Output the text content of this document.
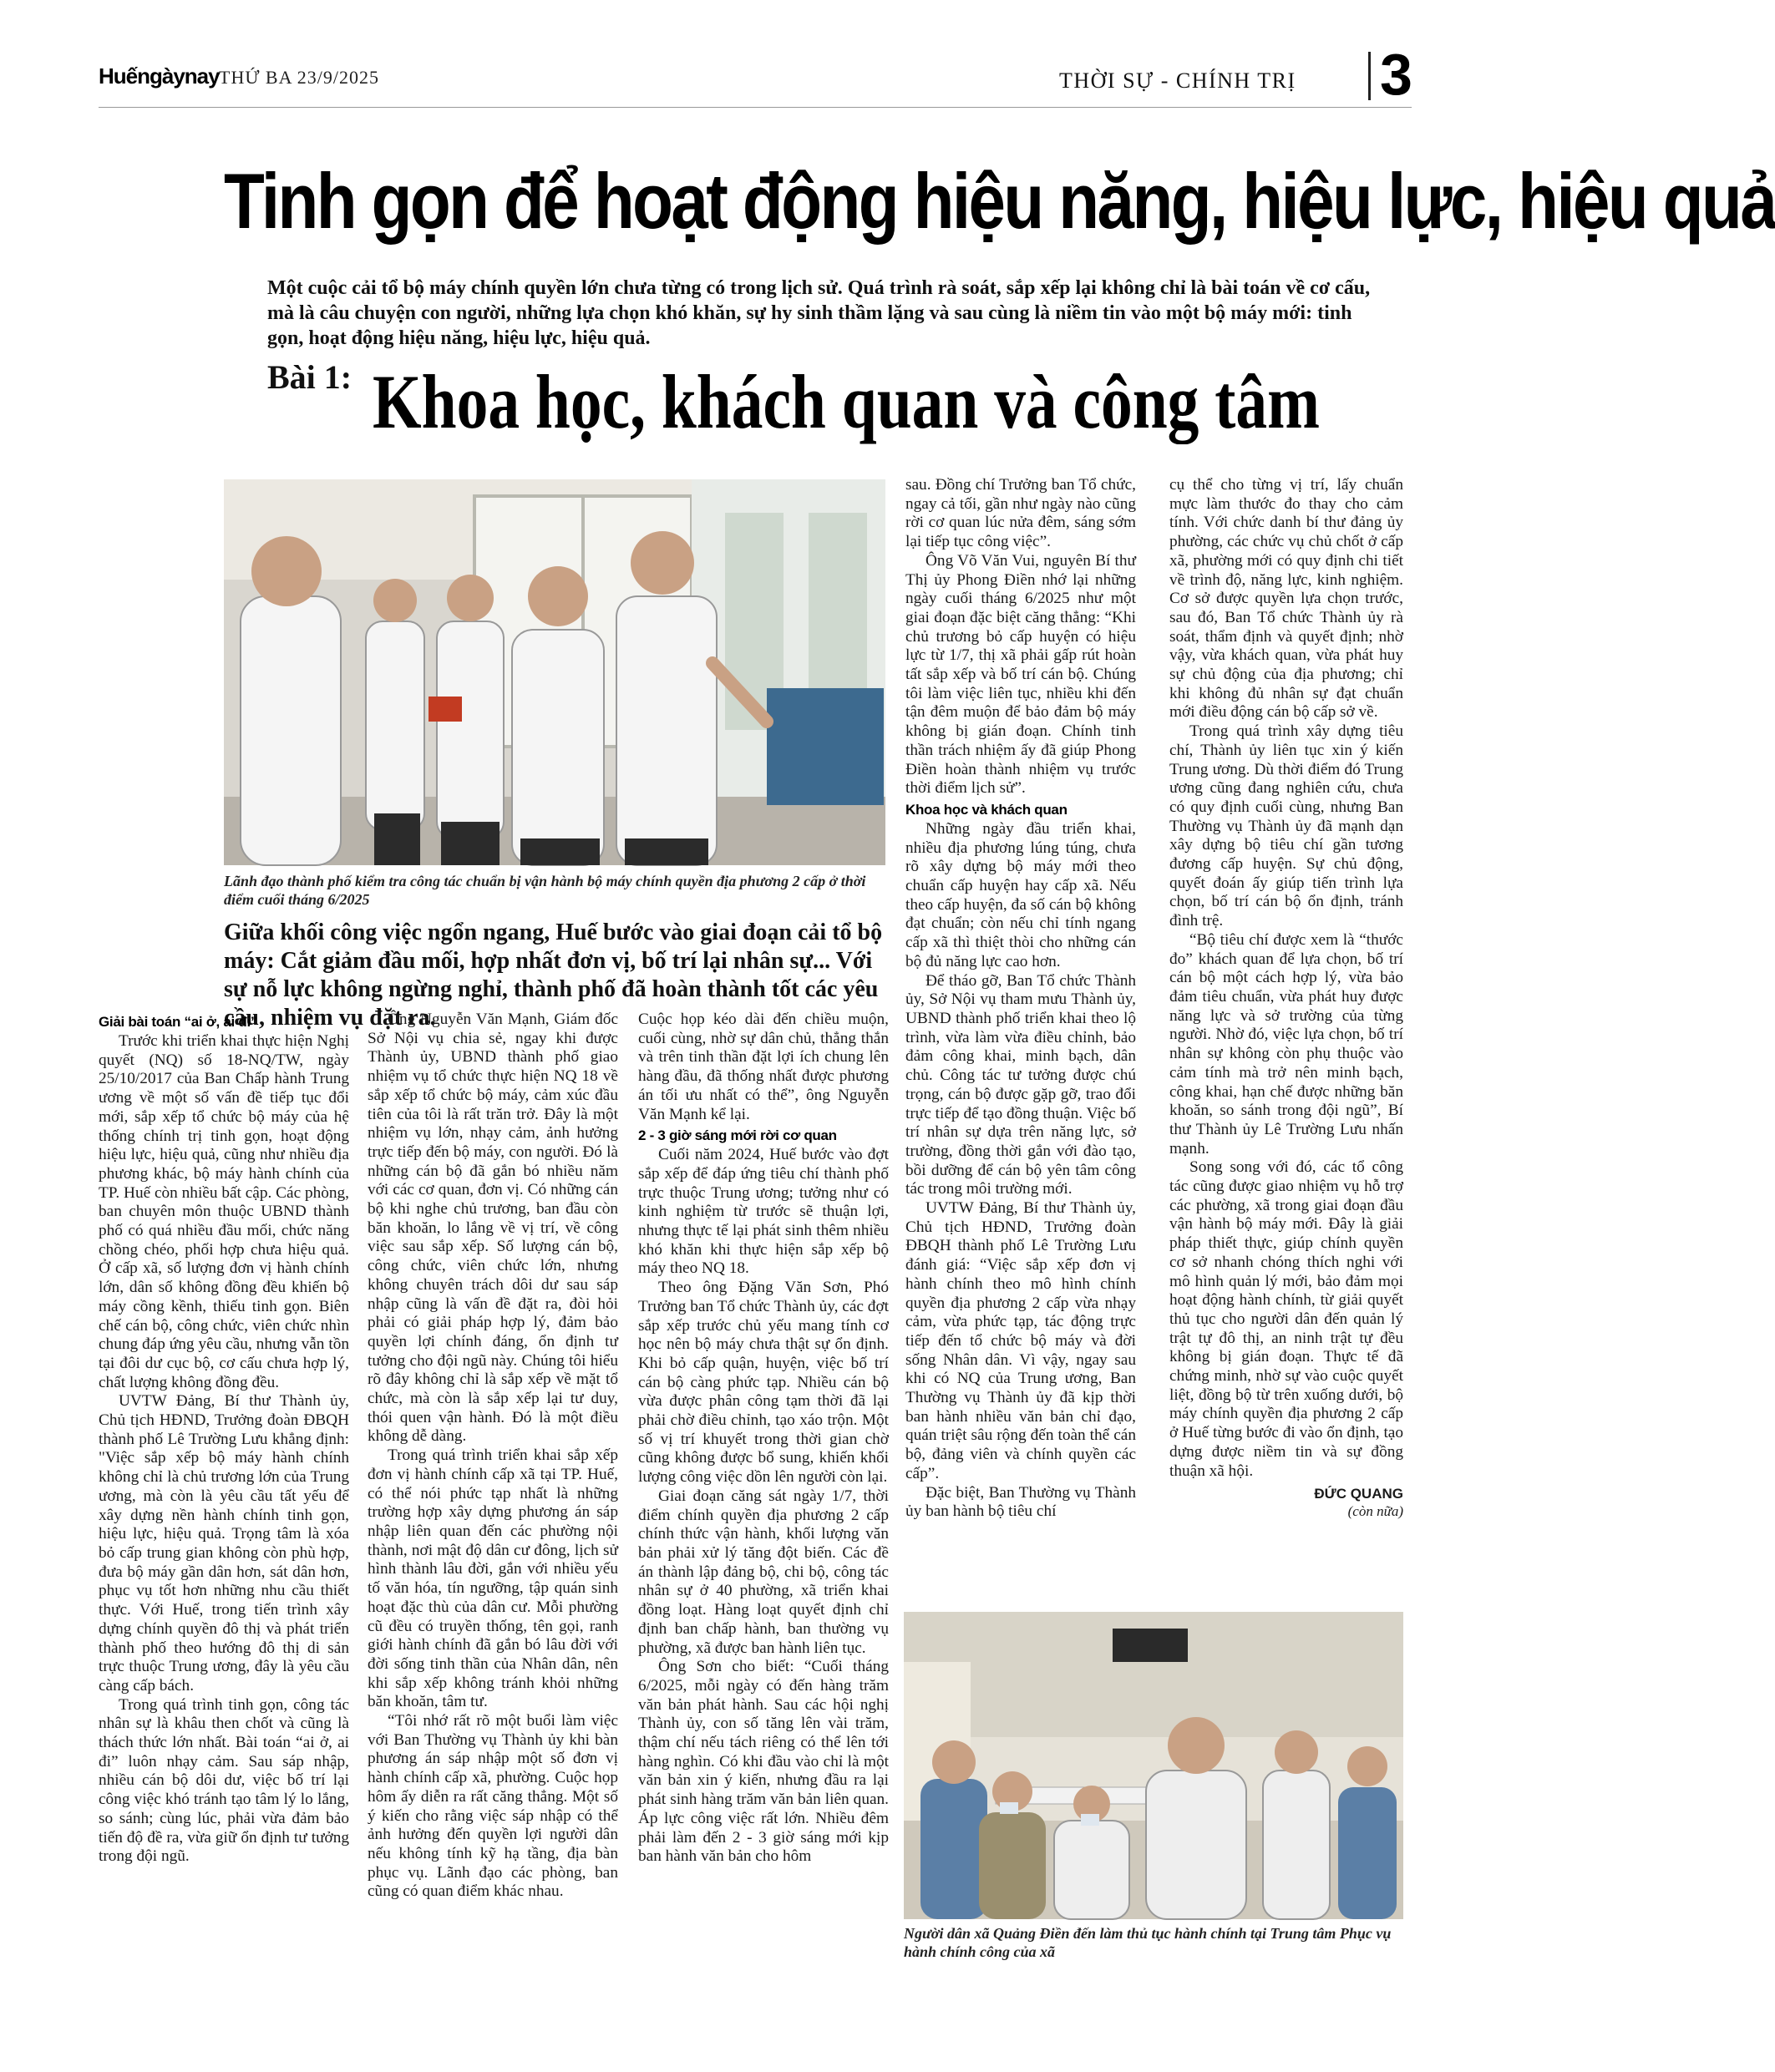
Huếngàynay THỨ BA 23/9/2025	THỜI SỰ - CHÍNH TRỊ 3
Tinh gọn để hoạt động hiệu năng, hiệu lực, hiệu quả
Một cuộc cải tổ bộ máy chính quyền lớn chưa từng có trong lịch sử. Quá trình rà soát, sắp xếp lại không chỉ là bài toán về cơ cấu, mà là câu chuyện con người, những lựa chọn khó khăn, sự hy sinh thầm lặng và sau cùng là niềm tin vào một bộ máy mới: tinh gọn, hoạt động hiệu năng, hiệu lực, hiệu quả.
Bài 1: Khoa học, khách quan và công tâm
Lãnh đạo thành phố kiểm tra công tác chuẩn bị vận hành bộ máy chính quyền địa phương 2 cấp ở thời điểm cuối tháng 6/2025
Giữa khối công việc ngổn ngang, Huế bước vào giai đoạn cải tổ bộ máy: Cắt giảm đầu mối, hợp nhất đơn vị, bố trí lại nhân sự... Với sự nỗ lực không ngừng nghỉ, thành phố đã hoàn thành tốt các yêu cầu, nhiệm vụ đặt ra.

Giải bài toán “ai ở, ai đi”

Trước khi triển khai thực hiện Nghị quyết (NQ) số 18-NQ/TW, ngày 25/10/2017 của Ban Chấp hành Trung ương về một số vấn đề tiếp tục đổi mới, sắp xếp tổ chức bộ máy của hệ thống chính trị tinh gọn, hoạt động hiệu lực, hiệu quả, cũng như nhiều địa phương khác, bộ máy hành chính của TP. Huế còn nhiều bất cập. Các phòng, ban chuyên môn thuộc UBND thành phố có quá nhiều đầu mối, chức năng chồng chéo, phối hợp chưa hiệu quả. Ở cấp xã, số lượng đơn vị hành chính lớn, dân số không đồng đều khiến bộ máy cồng kềnh, thiếu tinh gọn. Biên chế cán bộ, công chức, viên chức nhìn chung đáp ứng yêu cầu, nhưng vẫn tồn tại đôi dư cục bộ, cơ cấu chưa hợp lý, chất lượng không đồng đều.

UVTW Đảng, Bí thư Thành ủy, Chủ tịch HĐND, Trưởng đoàn ĐBQH thành phố Lê Trường Lưu khẳng định: "Việc sắp xếp bộ máy hành chính không chỉ là chủ trương lớn của Trung ương, mà còn là yêu cầu tất yếu để xây dựng nền hành chính tinh gọn, hiệu lực, hiệu quả. Trọng tâm là xóa bỏ cấp trung gian không còn phù hợp, đưa bộ máy gần dân hơn, sát dân hơn, phục vụ tốt hơn những nhu cầu thiết thực. Với Huế, trong tiến trình xây dựng chính quyền đô thị và phát triển thành phố theo hướng đô thị di sản trực thuộc Trung ương, đây là yêu cầu càng cấp bách.

Trong quá trình tinh gọn, công tác nhân sự là khâu then chốt và cũng là thách thức lớn nhất. Bài toán “ai ở, ai đi” luôn nhạy cảm. Sau sáp nhập, nhiều cán bộ dôi dư, việc bố trí lại công việc khó tránh tạo tâm lý lo lắng, so sánh; cùng lúc, phải vừa đảm bảo tiến độ đề ra, vừa giữ ổn định tư tưởng trong đội ngũ.

Ông Nguyễn Văn Mạnh, Giám đốc Sở Nội vụ chia sẻ, ngay khi được Thành ủy, UBND thành phố giao nhiệm vụ tổ chức thực hiện NQ 18 về sắp xếp tổ chức bộ máy, cảm xúc đầu tiên của tôi là rất trăn trở. Đây là một nhiệm vụ lớn, nhạy cảm, ảnh hưởng trực tiếp đến bộ máy, con người. Đó là những cán bộ đã gắn bó nhiều năm với các cơ quan, đơn vị. Có những cán bộ khi nghe chủ trương, ban đầu còn băn khoăn, lo lắng về vị trí, về công việc sau sắp xếp. Số lượng cán bộ, công chức, viên chức lớn, nhưng không chuyên trách dôi dư sau sáp nhập cũng là vấn đề đặt ra, đòi hỏi phải có giải pháp hợp lý, đảm bảo quyền lợi chính đáng, ổn định tư tưởng cho đội ngũ này. Chúng tôi hiểu rõ đây không chỉ là sắp xếp về mặt tổ chức, mà còn là sắp xếp lại tư duy, thói quen vận hành. Đó là một điều không dễ dàng.

Trong quá trình triển khai sắp xếp đơn vị hành chính cấp xã tại TP. Huế, có thể nói phức tạp nhất là những trường hợp xây dựng phương án sáp nhập liên quan đến các phường nội thành, nơi mật độ dân cư đông, lịch sử hình thành lâu đời, gắn với nhiều yếu tố văn hóa, tín ngưỡng, tập quán sinh hoạt đặc thù của dân cư. Mỗi phường cũ đều có truyền thống, tên gọi, ranh giới hành chính đã gắn bó lâu đời với đời sống tinh thần của Nhân dân, nên khi sắp xếp không tránh khỏi những băn khoăn, tâm tư.

“Tôi nhớ rất rõ một buổi làm việc với Ban Thường vụ Thành ủy khi bàn phương án sáp nhập một số đơn vị hành chính cấp xã, phường. Cuộc họp hôm ấy diễn ra rất căng thẳng. Một số ý kiến cho rằng việc sáp nhập có thể ảnh hưởng đến quyền lợi người dân nếu không tính kỹ hạ tầng, địa bàn phục vụ. Lãnh đạo các phòng, ban cũng có quan điểm khác nhau.

Cuộc họp kéo dài đến chiều muộn, cuối cùng, nhờ sự dân chủ, thẳng thắn và trên tinh thần đặt lợi ích chung lên hàng đầu, đã thống nhất được phương án tối ưu nhất có thể”, ông Nguyễn Văn Mạnh kể lại.

2 - 3 giờ sáng mới rời cơ quan

Cuối năm 2024, Huế bước vào đợt sắp xếp để đáp ứng tiêu chí thành phố trực thuộc Trung ương; tưởng như có kinh nghiệm từ trước sẽ thuận lợi, nhưng thực tế lại phát sinh thêm nhiều khó khăn khi thực hiện sắp xếp bộ máy theo NQ 18.

Theo ông Đặng Văn Sơn, Phó Trưởng ban Tổ chức Thành ủy, các đợt sắp xếp trước chủ yếu mang tính cơ học nên bộ máy chưa thật sự ổn định. Khi bỏ cấp quận, huyện, việc bố trí cán bộ càng phức tạp. Nhiều cán bộ vừa được phân công tạm thời đã lại phải chờ điều chỉnh, tạo xáo trộn. Một số vị trí khuyết trong thời gian chờ cũng không được bổ sung, khiến khối lượng công việc dồn lên người còn lại.

Giai đoạn căng sát ngày 1/7, thời điểm chính quyền địa phương 2 cấp chính thức vận hành, khối lượng văn bản phải xử lý tăng đột biến. Các đề án thành lập đảng bộ, chi bộ, công tác nhân sự ở 40 phường, xã triển khai đồng loạt. Hàng loạt quyết định chỉ định ban chấp hành, ban thường vụ phường, xã được ban hành liên tục.

Ông Sơn cho biết: “Cuối tháng 6/2025, mỗi ngày có đến hàng trăm văn bản phát hành. Sau các hội nghị Thành ủy, con số tăng lên vài trăm, thậm chí nếu tách riêng có thể lên tới hàng nghìn. Có khi đầu vào chỉ là một văn bản xin ý kiến, nhưng đầu ra lại phát sinh hàng trăm văn bản liên quan. Áp lực công việc rất lớn. Nhiều đêm phải làm đến 2 - 3 giờ sáng mới kịp ban hành văn bản cho hôm

sau. Đồng chí Trưởng ban Tổ chức, ngay cả tối, gần như ngày nào cũng rời cơ quan lúc nửa đêm, sáng sớm lại tiếp tục công việc”.

Ông Võ Văn Vui, nguyên Bí thư Thị ủy Phong Điền nhớ lại những ngày cuối tháng 6/2025 như một giai đoạn đặc biệt căng thẳng: “Khi chủ trương bỏ cấp huyện có hiệu lực từ 1/7, thị xã phải gấp rút hoàn tất sắp xếp và bố trí cán bộ. Chúng tôi làm việc liên tục, nhiều khi đến tận đêm muộn để bảo đảm bộ máy không bị gián đoạn. Chính tinh thần trách nhiệm ấy đã giúp Phong Điền hoàn thành nhiệm vụ trước thời điểm lịch sử”.

Khoa học và khách quan

Những ngày đầu triển khai, nhiều địa phương lúng túng, chưa rõ xây dựng bộ máy mới theo chuẩn cấp huyện hay cấp xã. Nếu theo cấp huyện, đa số cán bộ không đạt chuẩn; còn nếu chỉ tính ngang cấp xã thì thiệt thòi cho những cán bộ đủ năng lực cao hơn.

Để tháo gỡ, Ban Tổ chức Thành ủy, Sở Nội vụ tham mưu Thành ủy, UBND thành phố triển khai theo lộ trình, vừa làm vừa điều chỉnh, bảo đảm công khai, minh bạch, dân chủ. Công tác tư tưởng được chú trọng, cán bộ được gặp gỡ, trao đổi trực tiếp để tạo đồng thuận. Việc bố trí nhân sự dựa trên năng lực, sở trường, đồng thời gắn với đào tạo, bồi dưỡng để cán bộ yên tâm công tác trong môi trường mới.

UVTW Đảng, Bí thư Thành ủy, Chủ tịch HĐND, Trưởng đoàn ĐBQH thành phố Lê Trường Lưu đánh giá: “Việc sắp xếp đơn vị hành chính theo mô hình chính quyền địa phương 2 cấp vừa nhạy cảm, vừa phức tạp, tác động trực tiếp đến tổ chức bộ máy và đời sống Nhân dân. Vì vậy, ngay sau khi có NQ của Trung ương, Ban Thường vụ Thành ủy đã kịp thời ban hành nhiều văn bản chỉ đạo, quán triệt sâu rộng đến toàn thể cán bộ, đảng viên và chính quyền các cấp”.

Đặc biệt, Ban Thường vụ Thành ủy ban hành bộ tiêu chí

cụ thể cho từng vị trí, lấy chuẩn mực làm thước đo thay cho cảm tính. Với chức danh bí thư đảng ủy phường, các chức vụ chủ chốt ở cấp xã, phường mới có quy định chi tiết về trình độ, năng lực, kinh nghiệm. Cơ sở được quyền lựa chọn trước, sau đó, Ban Tổ chức Thành ủy rà soát, thẩm định và quyết định; nhờ vậy, vừa khách quan, vừa phát huy sự chủ động của địa phương; chỉ khi không đủ nhân sự đạt chuẩn mới điều động cán bộ cấp sở về.

Trong quá trình xây dựng tiêu chí, Thành ủy liên tục xin ý kiến Trung ương. Dù thời điểm đó Trung ương cũng đang nghiên cứu, chưa có quy định cuối cùng, nhưng Ban Thường vụ Thành ủy đã mạnh dạn xây dựng bộ tiêu chí gần tương đương cấp huyện. Sự chủ động, quyết đoán ấy giúp tiến trình lựa chọn, bố trí cán bộ ổn định, tránh đình trệ.

“Bộ tiêu chí được xem là “thước đo” khách quan để lựa chọn, bố trí cán bộ một cách hợp lý, vừa bảo đảm tiêu chuẩn, vừa phát huy được năng lực và sở trường của từng người. Nhờ đó, việc lựa chọn, bố trí nhân sự không còn phụ thuộc vào cảm tính mà trở nên minh bạch, công khai, hạn chế được những băn khoăn, so sánh trong đội ngũ”, Bí thư Thành ủy Lê Trường Lưu nhấn mạnh.

Song song với đó, các tổ công tác cũng được giao nhiệm vụ hỗ trợ các phường, xã trong giai đoạn đầu vận hành bộ máy mới. Đây là giải pháp thiết thực, giúp chính quyền cơ sở nhanh chóng thích nghi với mô hình quản lý mới, bảo đảm mọi hoạt động hành chính, từ giải quyết thủ tục cho người dân đến quản lý trật tự đô thị, an ninh trật tự đều không bị gián đoạn. Thực tế đã chứng minh, nhờ sự vào cuộc quyết liệt, đồng bộ từ trên xuống dưới, bộ máy chính quyền địa phương 2 cấp ở Huế từng bước đi vào ổn định, tạo dựng được niềm tin và sự đồng thuận xã hội.

ĐỨC QUANG

(còn nữa)

Người dân xã Quảng Điền đến làm thủ tục hành chính tại Trung tâm Phục vụ hành chính công của xã
